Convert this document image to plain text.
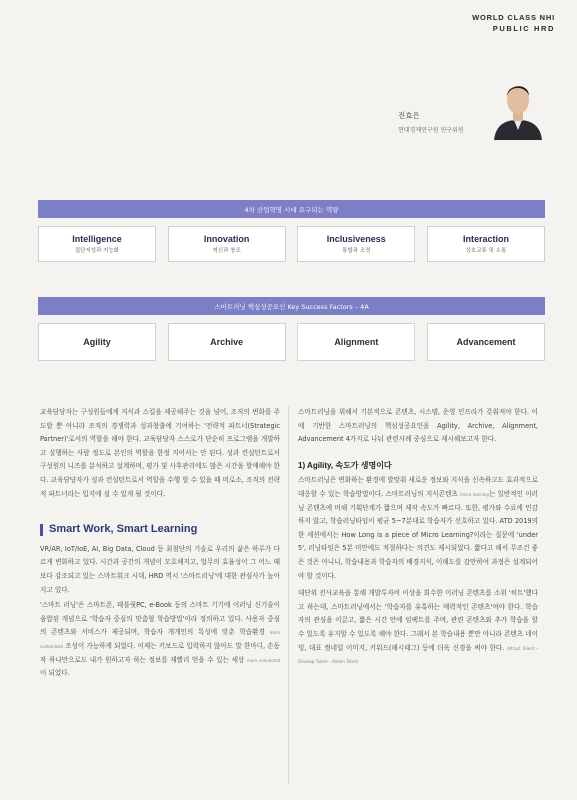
WORLD CLASS NHI
PUBLIC HRD
진효은
현대경제연구원 연구위원
4차 산업혁명 시대 요구되는 역량
Intelligence
집단지성과 지능화
Innovation
혁신과 창조
Inclusiveness
통합과 조정
Interaction
상호교류 및 소통
스마트러닝 핵심성공요인 Key Success Factors – 4A
Agility	Archive	Alignment	Advancement

교육담당자는 구성원들에게 지식과 스킬을 제공해주는 것을 넘어, 조직의 변화를 주도할 뿐 아니라 조직의 경쟁력과 성과창출에 기여하는 '전략적 파트너(Strategic Partner)'로서의 역할을 해야 한다. 교육담당자 스스로가 단순히 프로그램을 개발하고 실행하는 사람 정도로 본인의 역할을 한정 지어서는 안 된다. 성과 컨설턴트로서 구성원의 니즈를 분석하고 설계하며, 평가 및 사후관리에도 많은 시간을 할애해야 한다. 교육담당자가 성과 컨설턴트로서 역할을 수행 할 수 있을 때 비로소, 조직의 전략적 파트너라는 입지에 설 수 있게 될 것이다.

Smart Work, Smart Learning

VR/AR, IoT/IoE, AI, Big Data, Cloud 등 최첨단의 기술로 우리의 삶은 하루가 다르게 변화하고 있다. 시간과 공간의 개념이 모호해지고, 업무의 효율성이 그 어느 때 보다 강조되고 있는 스마트워크 시대, HRD 역시 '스마트러닝'에 대한 관심사가 높아지고 있다.

'스마트 러닝'은 스마트폰, 태블릿PC, e-Book 등의 스마트 기기에 이러닝 신기술이 융합된 개념으로 '학습자 중심의 맞춤형 학습방법'이라 정의하고 있다. 사용자 중심의 콘텐츠와 서비스가 제공되며, 학습자 개개인의 특성에 맞춘 학습환경 more customized 조성이 가능하게 되었다. 이제는 키보드로 입력하지 않아도 말 한마디, 손동작 하나만으로도 내가 원하고자 하는 정보를 재빨리 얻을 수 있는 세상 more connected 이 되었다.

스마트러닝을 위해서 기본적으로 콘텐츠, 시스템, 운영 인프라가 갖춰져야 한다. 이에 기반한 스마트러닝의 핵심성공요인을 Agility, Archive, Alignment, Advancement 4가지로 나눠 관련사례 중심으로 제시해보고자 한다.

1) Agility, 속도가 생명이다

스마트러닝은 변화하는 환경에 발맞춰 새로운 정보와 지식을 신속하고도 효과적으로 대응할 수 있는 학습방법이다. 스마트러닝의 지식콘텐츠 micro learning는 일반적인 이러닝 콘텐츠에 비해 기획단계가 짧으며 제작 속도가 빠르다. 또한, 평가와 수료에 민감하지 않고, 학습러닝타임이 평균 5~7분대로 학습자가 선호하고 있다. ATD 2019의 한 세션에서는 How Long is a piece of Micro Learning?이라는 질문에 'under 5', 러닝타임은 5분 미만에도 적절하다는 의견도 제시되었다. 짧다고 해서 무조건 좋은 것은 아니니, 학습내용과 학습자의 배경지식, 이해도를 감안하여 과정은 설계되어야 할 것이다.

대단위 전사교육을 통해 개발투자비 이상을 회수한 이러닝 콘텐츠를 소위 '히트'했다고 하는데, 스마트러닝에서는 '학습자를 유혹하는 매력적인 콘텐츠'여야 한다. 학습자의 관심을 이끌고, 짧은 시간 안에 임팩트를 주며, 관련 콘텐츠와 추가 학습을 할 수 있도록 유지할 수 있도록 해야 한다. 그래서 본 학습내용 뿐만 아니라 콘텐츠 네이밍, 대표 썸네일 이미지, 키워드(해시태그) 등에 더욱 신경을 써야 한다. Attract Talent – Develop Talent – Retain Talent
